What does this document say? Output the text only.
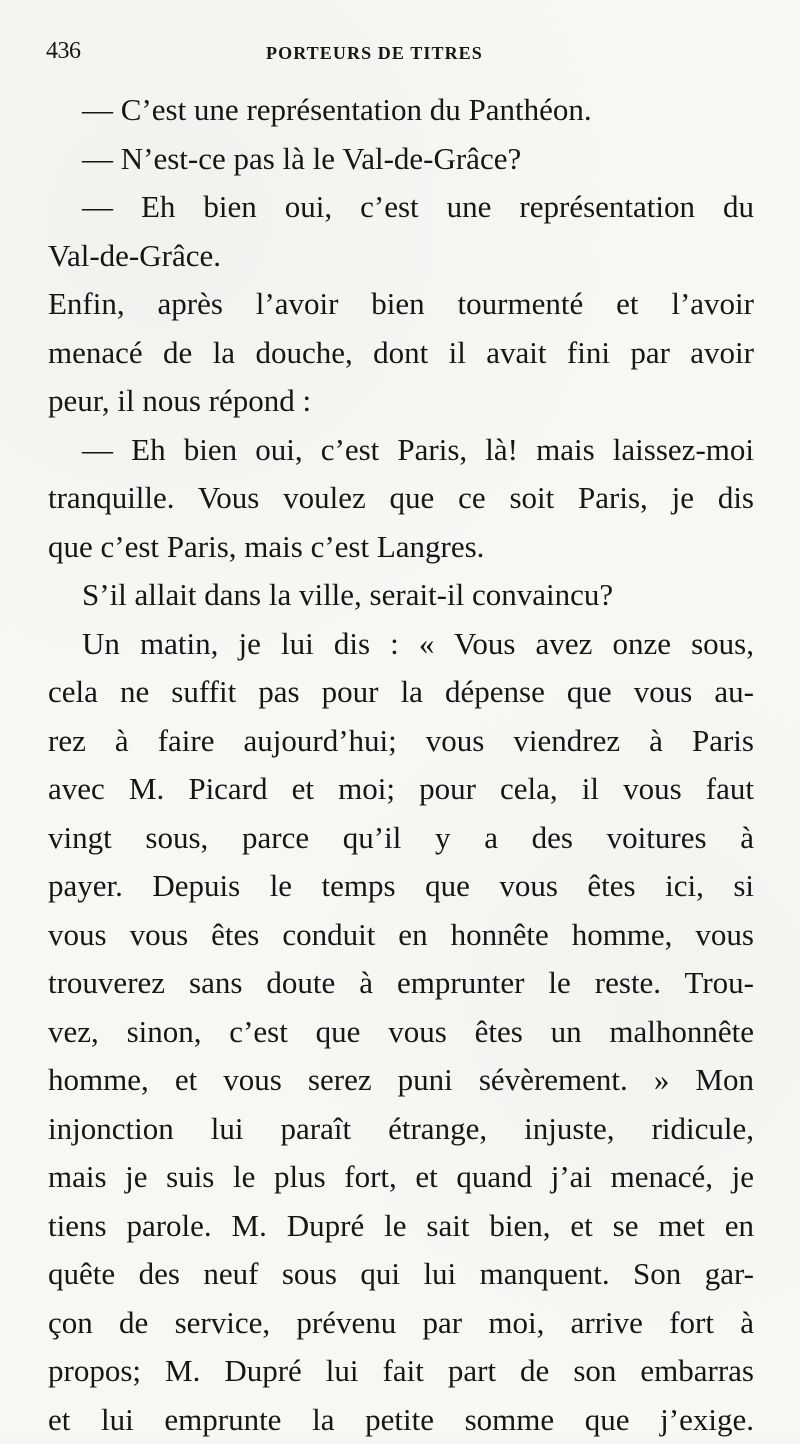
436	PORTEURS DE TITRES
— C’est une représentation du Panthéon.
— N’est-ce pas là le Val-de-Grâce?
— Eh bien oui, c’est une représentation du
Val-de-Grâce.
Enfin, après l’avoir bien tourmenté et l’avoir
menacé de la douche, dont il avait fini par avoir
peur, il nous répond :
— Eh bien oui, c’est Paris, là! mais laissez-moi
tranquille. Vous voulez que ce soit Paris, je dis
que c’est Paris, mais c’est Langres.
S’il allait dans la ville, serait-il convaincu?
Un matin, je lui dis : « Vous avez onze sous,
cela ne suffit pas pour la dépense que vous au-
rez à faire aujourd’hui; vous viendrez à Paris
avec M. Picard et moi; pour cela, il vous faut
vingt sous, parce qu’il y a des voitures à
payer. Depuis le temps que vous êtes ici, si
vous vous êtes conduit en honnête homme, vous
trouverez sans doute à emprunter le reste. Trou-
vez, sinon, c’est que vous êtes un malhonnête
homme, et vous serez puni sévèrement. » Mon
injonction lui paraît étrange, injuste, ridicule,
mais je suis le plus fort, et quand j’ai menacé, je
tiens parole. M. Dupré le sait bien, et se met en
quête des neuf sous qui lui manquent. Son gar-
çon de service, prévenu par moi, arrive fort à
propos; M. Dupré lui fait part de son embarras
et lui emprunte la petite somme que j’exige.
